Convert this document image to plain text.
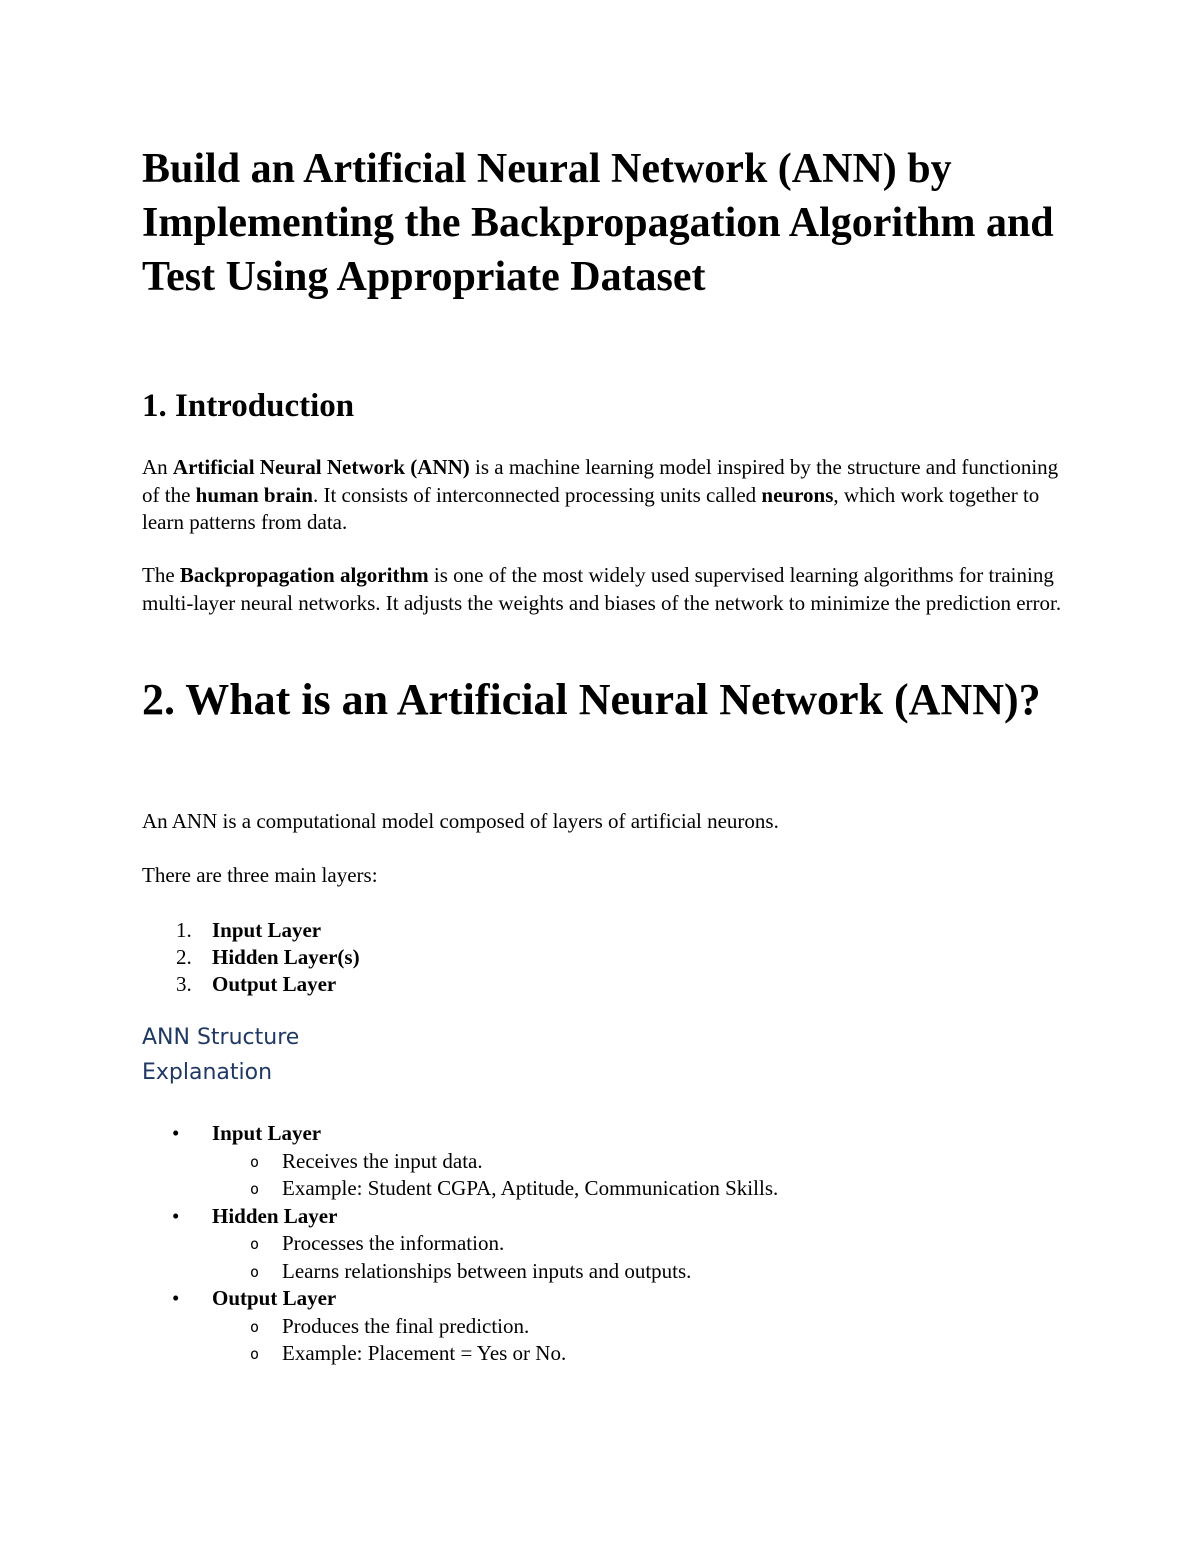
Build an Artificial Neural Network (ANN) by Implementing the Backpropagation Algorithm and Test Using Appropriate Dataset
1. Introduction

An Artificial Neural Network (ANN) is a machine learning model inspired by the structure and functioning of the human brain. It consists of interconnected processing units called neurons, which work together to learn patterns from data.

The Backpropagation algorithm is one of the most widely used supervised learning algorithms for training multi-layer neural networks. It adjusts the weights and biases of the network to minimize the prediction error.

2. What is an Artificial Neural Network (ANN)?

An ANN is a computational model composed of layers of artificial neurons.

There are three main layers:

1. Input Layer
2. Hidden Layer(s)
3. Output Layer
ANN Structure
Explanation
• Input Layer
o Receives the input data.
o Example: Student CGPA, Aptitude, Communication Skills.
• Hidden Layer
o Processes the information.
o Learns relationships between inputs and outputs.
• Output Layer
o Produces the final prediction.
o Example: Placement = Yes or No.
